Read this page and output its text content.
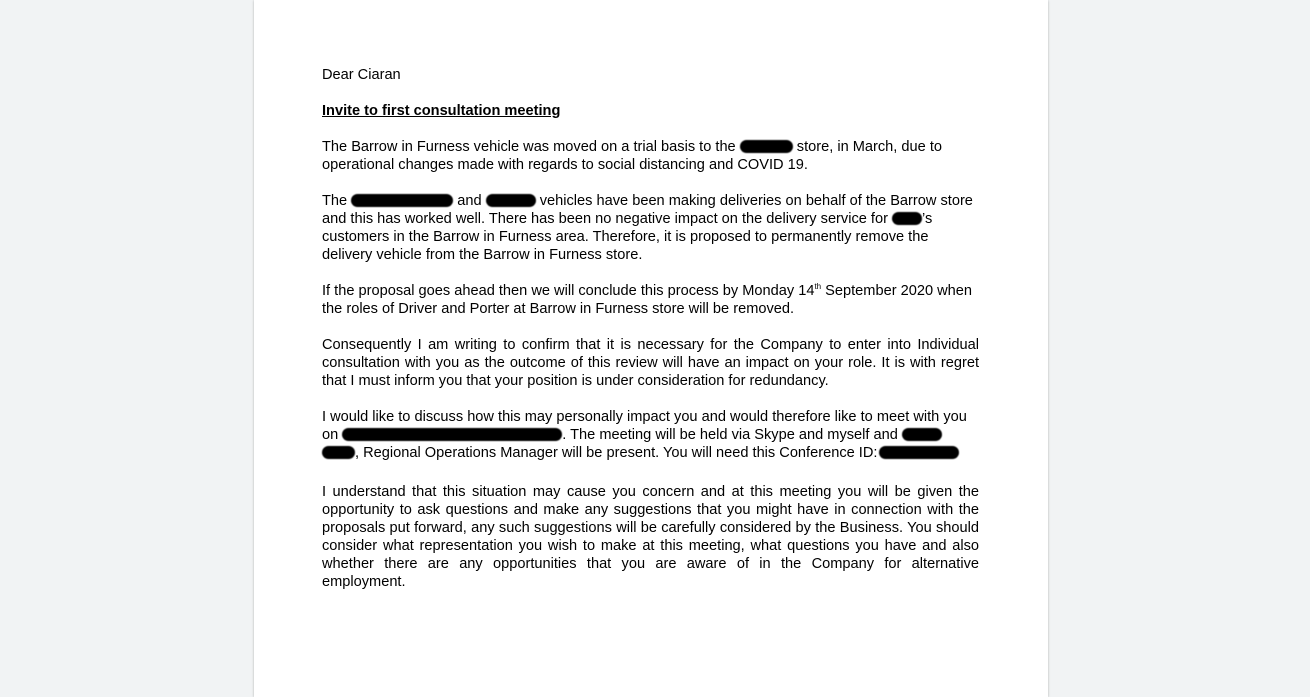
Dear Ciaran

Invite to first consultation meeting

The Barrow in Furness vehicle was moved on a trial basis to the	store, in March, due to operational changes made with regards to social distancing and COVID 19.

The	and	vehicles have been making deliveries on behalf of the Barrow store and this has worked well. There has been no negative impact on the delivery service for ’s customers in the Barrow in Furness area. Therefore, it is proposed to permanently remove the delivery vehicle from the Barrow in Furness store.

If the proposal goes ahead then we will conclude this process by Monday 14th September 2020 when the roles of Driver and Porter at Barrow in Furness store will be removed.

Consequently I am writing to confirm that it is necessary for the Company to enter into Individual consultation with you as the outcome of this review will have an impact on your role. It is with regret that I must inform you that your position is under consideration for redundancy.

I would like to discuss how this may personally impact you and would therefore like to meet with you on	. The meeting will be held via Skype and myself and
, Regional Operations Manager will be present. You will need this Conference ID:

I understand that this situation may cause you concern and at this meeting you will be given the opportunity to ask questions and make any suggestions that you might have in connection with the proposals put forward, any such suggestions will be carefully considered by the Business. You should consider what representation you wish to make at this meeting, what questions you have and also whether there are any opportunities that you are aware of in the Company for alternative employment.
